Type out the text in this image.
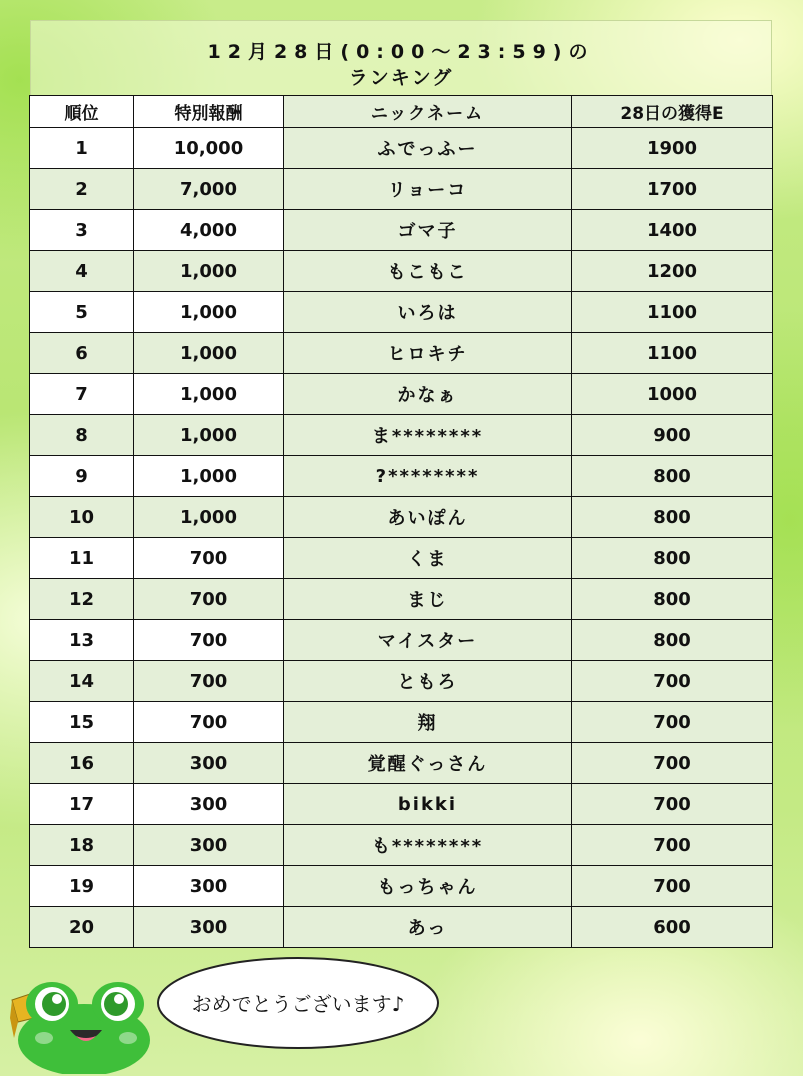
12月28日(0:00〜23:59)の
ランキング
順位	特別報酬	ニックネーム	28日の獲得E
1	10,000	ふでっふー	1900
2	7,000	リョーコ	1700
3	4,000	ゴマ子	1400
4	1,000	もこもこ	1200
5	1,000	いろは	1100
6	1,000	ヒロキチ	1100
7	1,000	かなぁ	1000
8	1,000	ま********	900
9	1,000	?********	800
10	1,000	あいぽん	800
11	700	くま	800
12	700	まじ	800
13	700	マイスター	800
14	700	ともろ	700
15	700	翔	700
16	300	覚醒ぐっさん	700
17	300	bikki	700
18	300	も********	700
19	300	もっちゃん	700
20	300	あっ	600
おめでとうございます♪
